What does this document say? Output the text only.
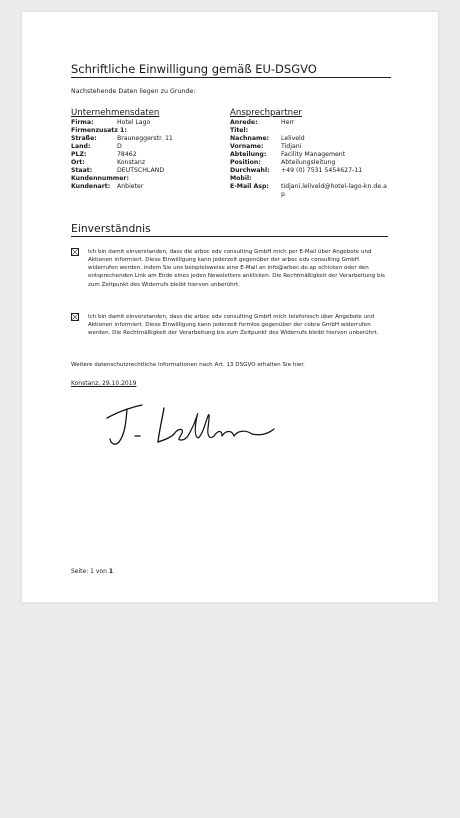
Schriftliche Einwilligung gemäß EU-DSGVO
Nachstehende Daten liegen zu Grunde:
Unternehmensdaten
Firma:	Hotel Lago
Firmenzusatz 1:
Straße:	Brauneggerstr. 11
Land:	D
PLZ:	78462
Ort:	Konstanz
Staat:	DEUTSCHLAND
Kundennummer:
Kundenart:	Anbieter
Ansprechpartner
Anrede:	Herr
Titel:
Nachname:	Leliveld
Vorname:	Tidjani
Abteilung:	Facility Management
Position:	Abteilungsleitung
Durchwahl:	+49 (0) 7531 5454627-11
Mobil:
E-Mail Asp:	tidjani.leliveld@hotel-lago-kn.de.ap
Einverständnis
Ich bin damit einverstanden, dass die arboc edv consulting GmbH mich per E-Mail über Angebote und Aktionen informiert. Diese Einwilligung kann jederzeit gegenüber der arboc edv consulting GmbH widerrufen werden, indem Sie uns beispielsweise eine E-Mail an info@arboc.de.ap schicken oder den entsprechenden Link am Ende eines jeden Newsletters anklicken. Die Rechtmäßigkeit der Verarbeitung bis zum Zeitpunkt des Widerrufs bleibt hiervon unberührt.
Ich bin damit einverstanden, dass die arboc edv consulting GmbH mich telefonisch über Angebote und Aktionen informiert. Diese Einwilligung kann jederzeit formlos gegenüber der cobra GmbH widerrufen werden. Die Rechtmäßigkeit der Verarbeitung bis zum Zeitpunkt des Widerrufs bleibt hiervon unberührt.
Weitere datenschutzrechtliche Informationen nach Art. 13 DSGVO erhalten Sie hier.
Konstanz, 29.10.2019
Seite: 1 von 1
